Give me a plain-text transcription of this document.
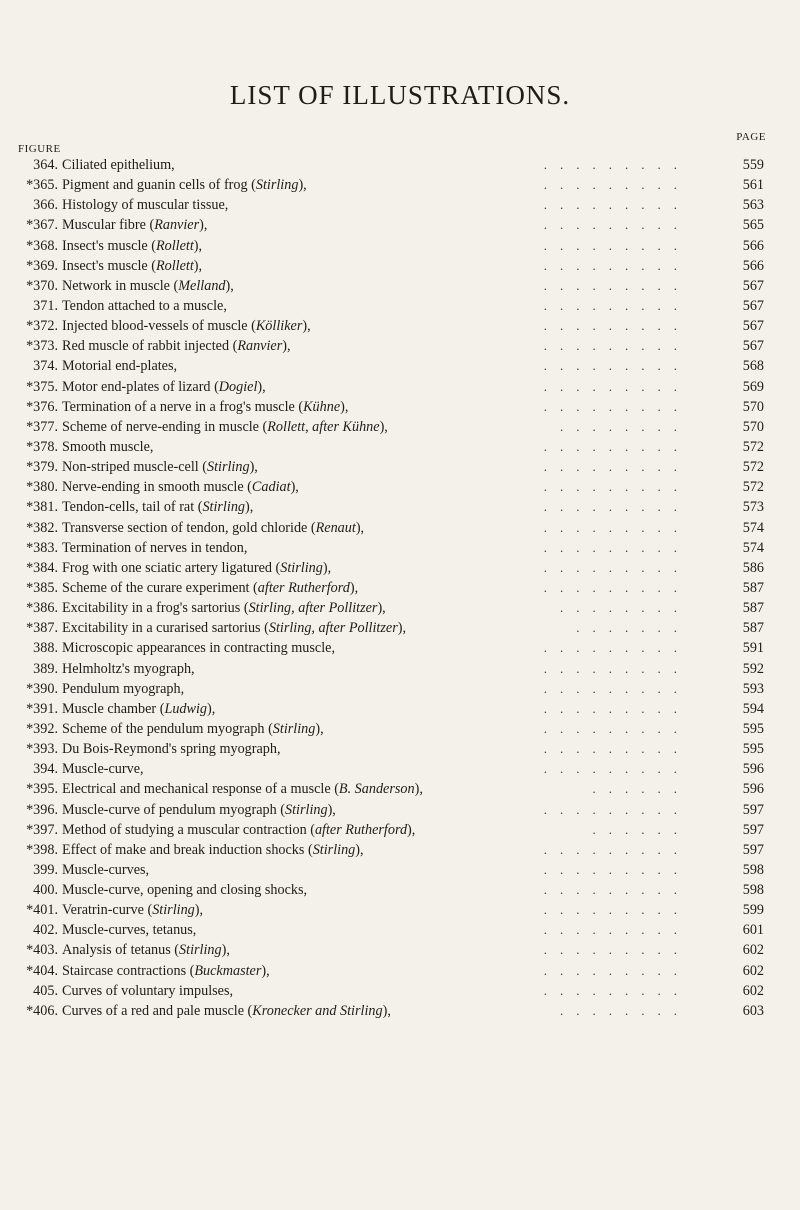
LIST OF ILLUSTRATIONS.
FIGURE
PAGE
364. Ciliated epithelium,	.........	559
*365. Pigment and guanin cells of frog (Stirling),	.........	561
366. Histology of muscular tissue,	.........	563
*367. Muscular fibre (Ranvier),	.........	565
*368. Insect's muscle (Rollett),	.........	566
*369. Insect's muscle (Rollett),	.........	566
*370. Network in muscle (Melland),	.........	567
371. Tendon attached to a muscle,	.........	567
*372. Injected blood-vessels of muscle (Kölliker),	.........	567
*373. Red muscle of rabbit injected (Ranvier),	.........	567
374. Motorial end-plates,	.........	568
*375. Motor end-plates of lizard (Dogiel),	.........	569
*376. Termination of a nerve in a frog's muscle (Kühne),	.........	570
*377. Scheme of nerve-ending in muscle (Rollett, after Kühne),	........	570
*378. Smooth muscle,	.........	572
*379. Non-striped muscle-cell (Stirling),	.........	572
*380. Nerve-ending in smooth muscle (Cadiat),	.........	572
*381. Tendon-cells, tail of rat (Stirling),	.........	573
*382. Transverse section of tendon, gold chloride (Renaut),	.........	574
*383. Termination of nerves in tendon,	.........	574
*384. Frog with one sciatic artery ligatured (Stirling),	.........	586
*385. Scheme of the curare experiment (after Rutherford),	.........	587
*386. Excitability in a frog's sartorius (Stirling, after Pollitzer),	........	587
*387. Excitability in a curarised sartorius (Stirling, after Pollitzer),	.......	587
388. Microscopic appearances in contracting muscle,	.........	591
389. Helmholtz's myograph,	.........	592
*390. Pendulum myograph,	.........	593
*391. Muscle chamber (Ludwig),	.........	594
*392. Scheme of the pendulum myograph (Stirling),	.........	595
*393. Du Bois-Reymond's spring myograph,	.........	595
394. Muscle-curve,	.........	596
*395. Electrical and mechanical response of a muscle (B. Sanderson),	......	596
*396. Muscle-curve of pendulum myograph (Stirling),	.........	597
*397. Method of studying a muscular contraction (after Rutherford),	......	597
*398. Effect of make and break induction shocks (Stirling),	.........	597
399. Muscle-curves,	.........	598
400. Muscle-curve, opening and closing shocks,	.........	598
*401. Veratrin-curve (Stirling),	.........	599
402. Muscle-curves, tetanus,	.........	601
*403. Analysis of tetanus (Stirling),	.........	602
*404. Staircase contractions (Buckmaster),	.........	602
405. Curves of voluntary impulses,	.........	602
*406. Curves of a red and pale muscle (Kronecker and Stirling),	........	603
